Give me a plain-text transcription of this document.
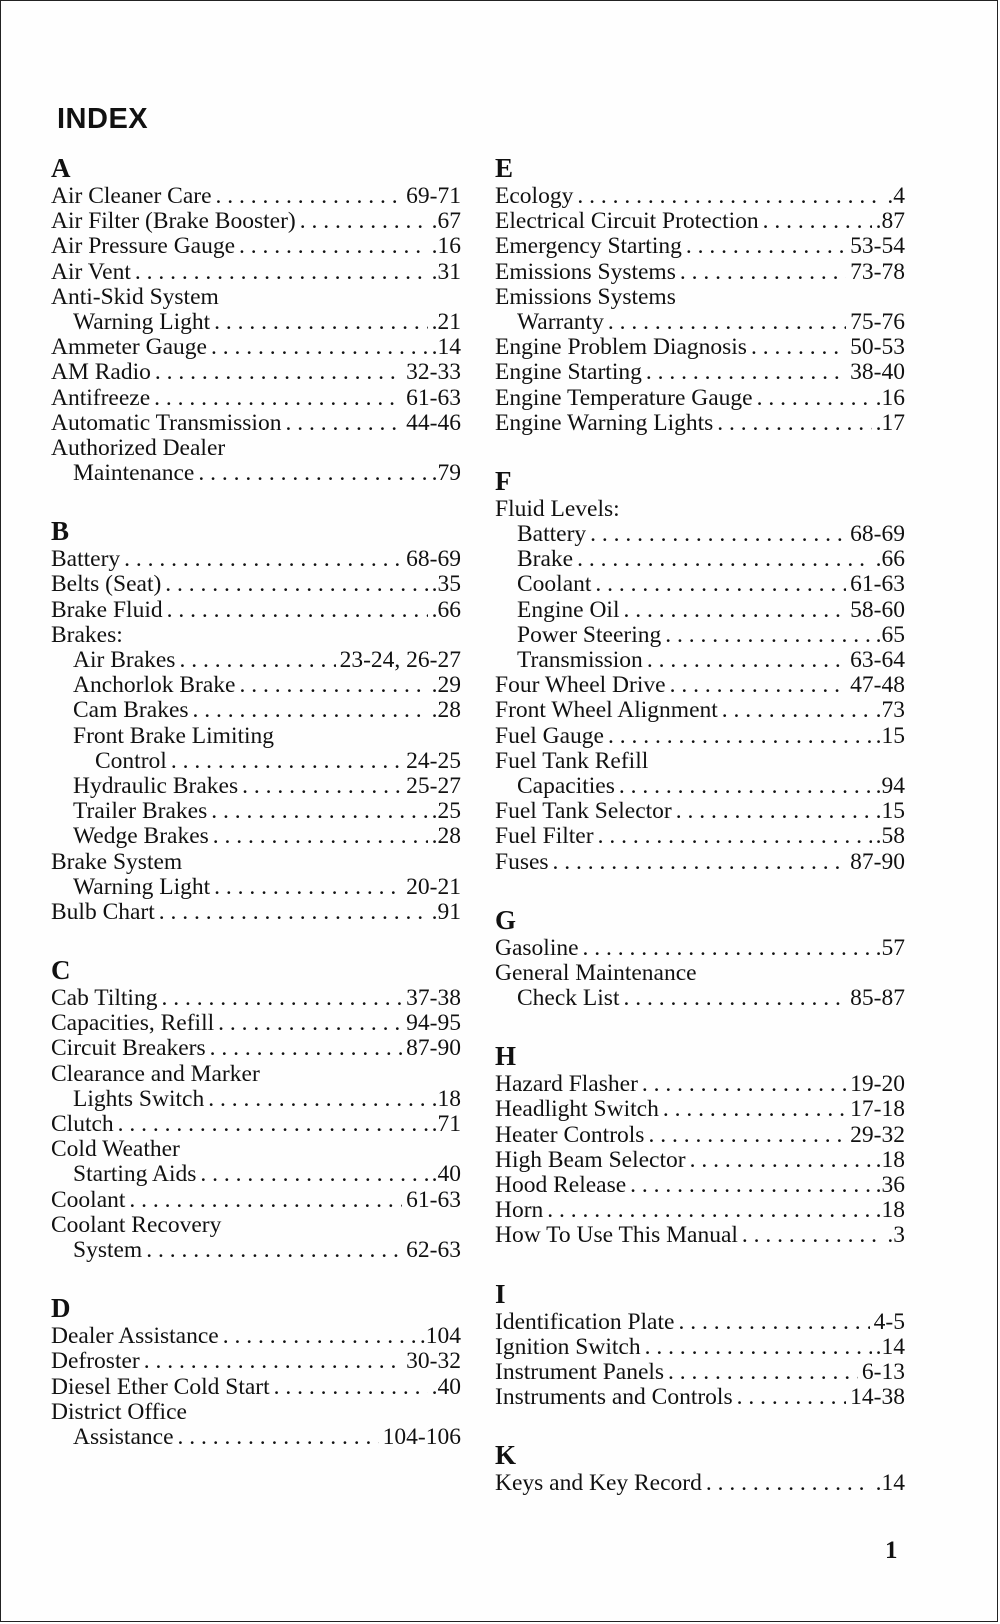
INDEX
A
Air Cleaner Care . . .	69-71
Air Filter (Brake Booster) . . .	.67
Air Pressure Gauge . . .	.16
Air Vent . . .	.31
Anti-Skid System
Warning Light . . .	.21
Ammeter Gauge . . .	.14
AM Radio . . .	32-33
Antifreeze . . .	61-63
Automatic Transmission . . .	44-46
Authorized Dealer
Maintenance . . .	.79
B
Battery . . .	68-69
Belts (Seat) . . .	.35
Brake Fluid . . .	.66
Brakes:
Air Brakes . . .	23-24, 26-27
Anchorlok Brake . . .	.29
Cam Brakes . . .	.28
Front Brake Limiting
Control . . .	24-25
Hydraulic Brakes . . .	25-27
Trailer Brakes . . .	.25
Wedge Brakes . . .	.28
Brake System
Warning Light . . .	20-21
Bulb Chart . . .	.91
C
Cab Tilting . . .	37-38
Capacities, Refill . . .	94-95
Circuit Breakers . . .	87-90
Clearance and Marker
Lights Switch . . .	.18
Clutch . . .	.71
Cold Weather
Starting Aids . . .	.40
Coolant . . .	61-63
Coolant Recovery
System . . .	62-63
D
Dealer Assistance . . .	.104
Defroster . . .	30-32
Diesel Ether Cold Start . . .	.40
District Office
Assistance . . .	104-106
E
Ecology . . .	.4
Electrical Circuit Protection . . .	.87
Emergency Starting . . .	53-54
Emissions Systems . . .	73-78
Emissions Systems
Warranty . . .	75-76
Engine Problem Diagnosis . . .	50-53
Engine Starting . . .	38-40
Engine Temperature Gauge . . .	.16
Engine Warning Lights . . .	.17
F
Fluid Levels:
Battery . . .	68-69
Brake . . .	.66
Coolant . . .	61-63
Engine Oil . . .	58-60
Power Steering . . .	.65
Transmission . . .	63-64
Four Wheel Drive . . .	47-48
Front Wheel Alignment . . .	.73
Fuel Gauge . . .	.15
Fuel Tank Refill
Capacities . . .	.94
Fuel Tank Selector . . .	.15
Fuel Filter . . .	.58
Fuses . . .	87-90
G
Gasoline . . .	.57
General Maintenance
Check List . . .	85-87
H
Hazard Flasher . . .	19-20
Headlight Switch . . .	17-18
Heater Controls . . .	29-32
High Beam Selector . . .	.18
Hood Release . . .	.36
Horn . . .	.18
How To Use This Manual . . .	.3
I
Identification Plate . . .	4-5
Ignition Switch . . .	.14
Instrument Panels . . .	6-13
Instruments and Controls . . .	14-38
K
Keys and Key Record . . .	.14
1
